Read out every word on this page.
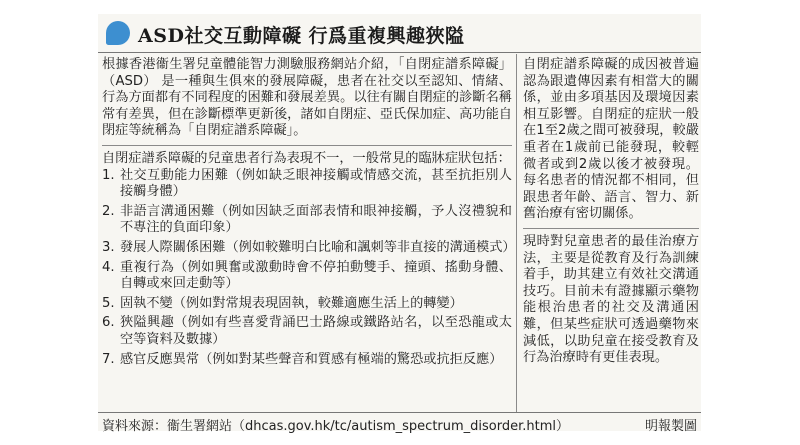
ASD社交互動障礙 行爲重複興趣狹隘

根據香港衞生署兒童體能智力測驗服務網站介紹，「自閉症譜系障礙」（ASD） 是一種與生俱來的發展障礙，患者在社交以至認知、情緒、行為方面都有不同程度的困難和發展差異。以往有關自閉症的診斷名稱常有差異，但在診斷標準更新後，諸如自閉症、亞氏保加症、高功能自閉症等統稱為「自閉症譜系障礙」。

自閉症譜系障礙的兒童患者行為表現不一，一般常見的臨牀症狀包括：

1. 社交互動能力困難（例如缺乏眼神接觸或情感交流，甚至抗拒別人接觸身體）
2. 非語言溝通困難（例如因缺乏面部表情和眼神接觸，予人沒禮貌和不專注的負面印象）
3. 發展人際關係困難（例如較難明白比喻和諷刺等非直接的溝通模式）
4. 重複行為（例如興奮或激動時會不停拍動雙手、撞頭、搖動身體、自轉或來回走動等）
5. 固執不變（例如對常規表現固執，較難適應生活上的轉變）
6. 狹隘興趣（例如有些喜愛背誦巴士路線或鐵路站名，以至恐龍或太空等資料及數據）
7. 感官反應異常（例如對某些聲音和質感有極端的驚恐或抗拒反應）

自閉症譜系障礙的成因被普遍認為跟遺傳因素有相當大的關係，並由多項基因及環境因素相互影響。自閉症的症狀一般在1至2歲之間可被發現，較嚴重者在1歲前已能發現，較輕微者或到2歲以後才被發現。每名患者的情況都不相同，但跟患者年齡、語言、智力、新舊治療有密切關係。

現時對兒童患者的最佳治療方法，主要是從教育及行為訓練着手，助其建立有效社交溝通技巧。目前未有證據顯示藥物能根治患者的社交及溝通困難，但某些症狀可透過藥物來減低，以助兒童在接受教育及行為治療時有更佳表現。

資料來源：衞生署網站（dhcas.gov.hk/tc/autism_spectrum_disorder.html）	明報製圖
